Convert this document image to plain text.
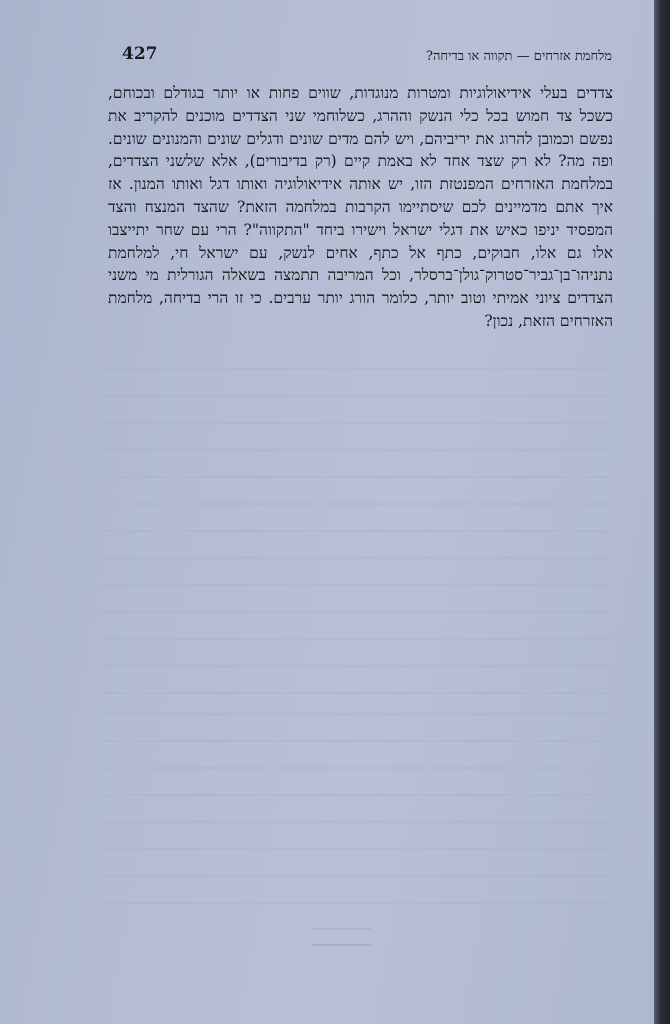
מלחמת אזרחים — תקווה או בדיחה?
427

צדדים בעלי אידיאולוגיות ומטרות מנוגדות, שווים פחות או יותר בגודלם ובכוחם, כשכל צד חמוש בכל כלי הנשק וההרג, כשלוחמי שני הצדדים מוכנים להקריב את נפשם וכמובן להרוג את יריביהם, ויש להם מדים שונים ודגלים שונים והמנונים שונים. ופה מה? לא רק שצד אחד לא באמת קיים (רק בדיבורים), אלא שלשני הצדדים, במלחמת האזרחים המפנטזת הזו, יש אותה אידיאולוגיה ואותו דגל ואותו המנון. אז איך אתם מדמיינים לכם שיסתיימו הקרבות במלחמה הזאת? שהצד המנצח והצד המפסיד יניפו כאיש את דגלי ישראל וישירו ביחד "התקווה"? הרי עם שחר יתייצבו אלו גם אלו, חבוקים, כתף אל כתף, אחים לנשק, עם ישראל חי, למלחמת נתניהו־בן־גביר־סטרוק־גולן־ברסלר, וכל המריבה תתמצה בשאלה הגורלית מי משני הצדדים ציוני אמיתי וטוב יותר, כלומר הורג יותר ערבים. כי זו הרי בדיחה, מלחמת האזרחים הזאת, נכון?
